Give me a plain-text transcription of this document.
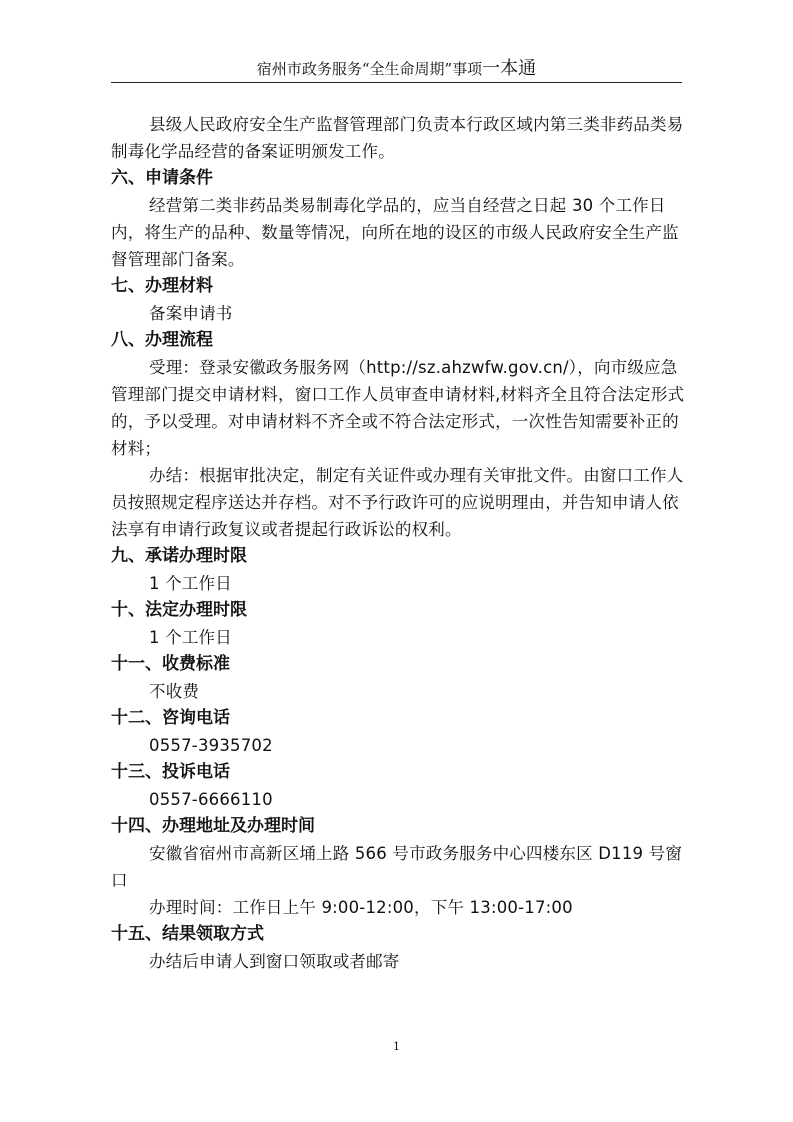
宿州市政务服务“全生命周期”事项一本通

县级人民政府安全生产监督管理部门负责本行政区域内第三类非药品类易制毒化学品经营的备案证明颁发工作。

六、申请条件

经营第二类非药品类易制毒化学品的，应当自经营之日起 30 个工作日内，将生产的品种、数量等情况，向所在地的设区的市级人民政府安全生产监督管理部门备案。

七、办理材料

备案申请书

八、办理流程

受理：登录安徽政务服务网（http://sz.ahzwfw.gov.cn/），向市级应急管理部门提交申请材料，窗口工作人员审查申请材料,材料齐全且符合法定形式的，予以受理。对申请材料不齐全或不符合法定形式，一次性告知需要补正的材料；

办结：根据审批决定，制定有关证件或办理有关审批文件。由窗口工作人员按照规定程序送达并存档。对不予行政许可的应说明理由，并告知申请人依法享有申请行政复议或者提起行政诉讼的权利。

九、承诺办理时限

1 个工作日

十、法定办理时限

1 个工作日

十一、收费标准

不收费

十二、咨询电话

0557-3935702

十三、投诉电话

0557-6666110

十四、办理地址及办理时间

安徽省宿州市高新区埇上路 566 号市政务服务中心四楼东区 D119 号窗口

办理时间：工作日上午 9:00-12:00，下午 13:00-17:00

十五、结果领取方式

办结后申请人到窗口领取或者邮寄

1
